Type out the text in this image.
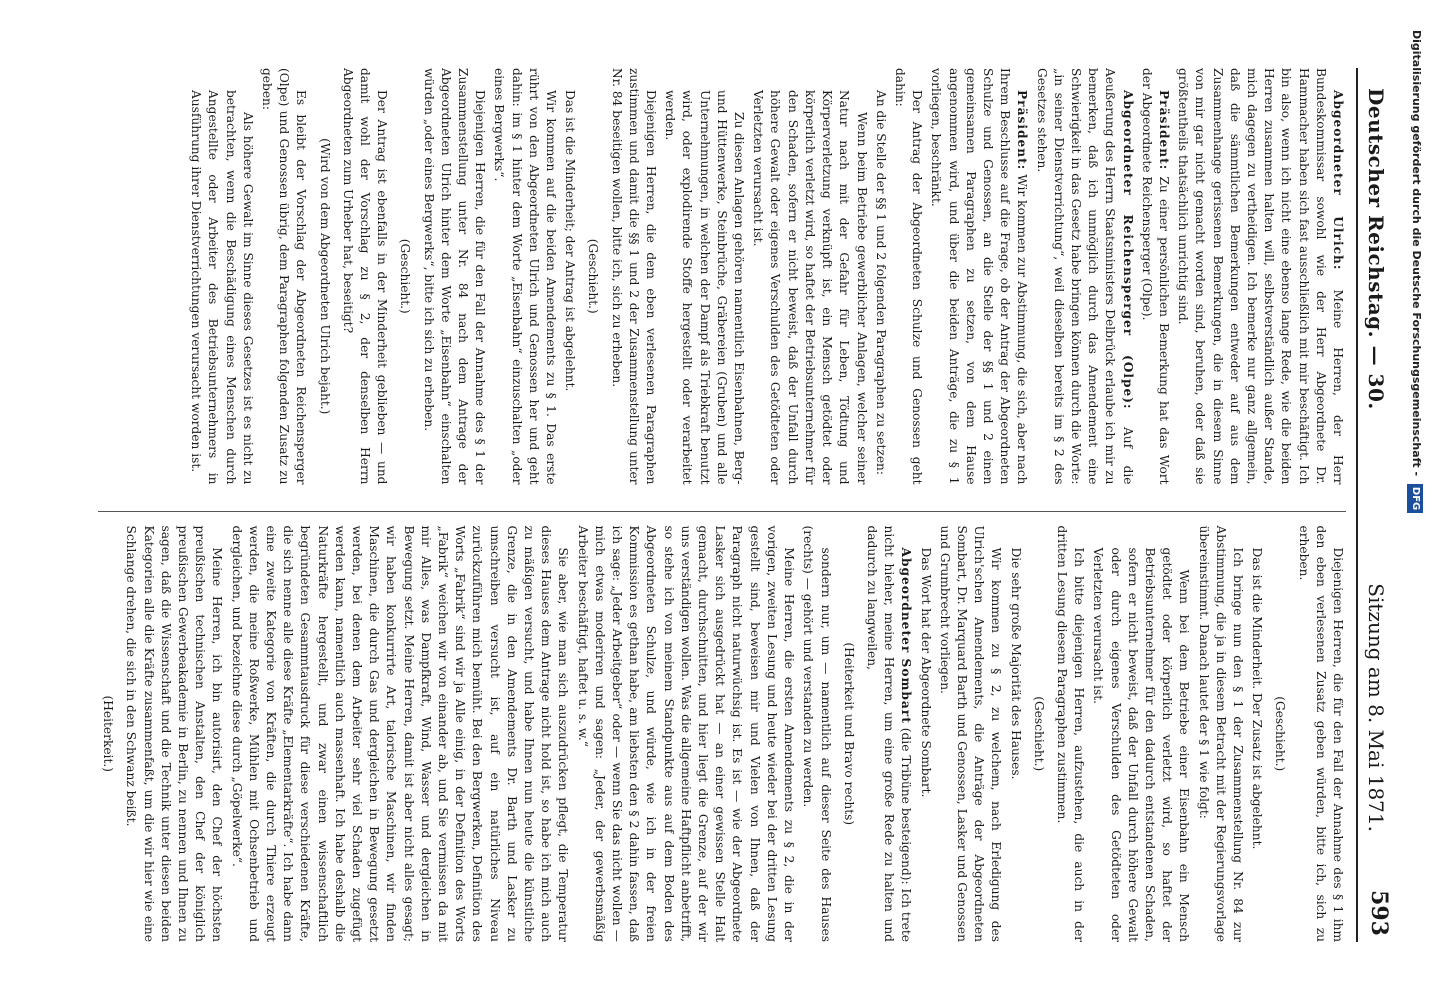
Deutscher Reichstag. — 30.
Sitzung am 8. Mai 1871.
593

Abgeordneter Ulrich: Meine Herren, der Herr Bundeskommissar sowohl wie der Herr Abgeordnete Dr. Hammacher haben sich fast ausschließlich mit mir beschäftigt. Ich bin also, wenn ich nicht eine ebenso lange Rede, wie die beiden Herren zusammen halten will, selbstverständlich außer Stande, mich dagegen zu vertheidigen. Ich bemerke nur ganz allgemein, daß die sämmtlichen Bemerkungen entweder auf aus dem Zusammenhange gerissenen Bemerkungen, die in diesem Sinne von mir gar nicht gemacht worden sind, beruhen, oder daß sie größtentheils thatsächlich unrichtig sind.

Präsident: Zu einer persönlichen Bemerkung hat das Wort der Abgeordnete Reichensperger (Olpe).

Abgeordneter Reichensperger (Olpe): Auf die Aeußerung des Herrn Staatsministers Delbrück erlaube ich mir zu bemerken, daß ich unmöglich durch das Amendement eine Schwierigkeit in das Gesetz habe bringen können durch die Worte: „in seiner Dienstverrichtung“, weil dieselben bereits im § 2 des Gesetzes stehen.

Präsident: Wir kommen zur Abstimmung, die sich, aber nach Ihrem Beschlusse auf die Frage, ob der Antrag der Abgeordneten Schulze und Genossen, an die Stelle der §§ 1 und 2 einen gemeinsamen Paragraphen zu setzen, von dem Hause angenommen wird, und über die beiden Anträge, die zu § 1 vorliegen, beschränkt.

Der Antrag der Abgeordneten Schulze und Genossen geht dahin:

An die Stelle der §§ 1 und 2 folgenden Paragraphen zu setzen:

Wenn beim Betriebe gewerblicher Anlagen, welcher seiner Natur nach mit der Gefahr für Leben, Tödtung und Körperverletzung verknüpft ist, ein Mensch getödtet oder körperlich verletzt wird, so haftet der Betriebsunternehmer für den Schaden, sofern er nicht beweist, daß der Unfall durch höhere Gewalt oder eigenes Verschulden des Getödteten oder Verletzten verursacht ist.

Zu diesen Anlagen gehören namentlich Eisenbahnen, Berg- und Hüttenwerke, Steinbrüche, Gräbereien (Gruben) und alle Unternehmungen, in welchen der Dampf als Triebkraft benutzt wird, oder explodirende Stoffe hergestellt oder verarbeitet werden.

Diejenigen Herren, die dem eben verlesenen Paragraphen zustimmen und damit die §§ 1 und 2 der Zusammenstellung unter Nr. 84 beseitigen wollen, bitte ich, sich zu erheben.

(Geschieht.)

Das ist die Minderheit; der Antrag ist abgelehnt.

Wir kommen auf die beiden Amendements zu § 1. Das erste rührt von den Abgeordneten Ulrich und Genossen her und geht dahin: im § 1 hinter dem Worte „Eisenbahn“ einzuschalten „oder eines Bergwerks“.

Diejenigen Herren, die für den Fall der Annahme des § 1 der Zusammenstellung unter Nr. 84 nach dem Antrage der Abgeordneten Ulrich hinter dem Worte „Eisenbahn“ einschalten würden „oder eines Bergwerks“, bitte ich sich zu erheben.

(Geschieht.)

Der Antrag ist ebenfalls in der Minderheit geblieben — und damit wohl der Vorschlag zu § 2, der denselben Herrn Abgeordneten zum Urheber hat, beseitigt?

(Wird von dem Abgeordneten Ulrich bejaht.)

Es bleibt der Vorschlag der Abgeordneten Reichensperger (Olpe) und Genossen übrig, dem Paragraphen folgenden Zusatz zu geben:

Als höhere Gewalt im Sinne dieses Gesetzes ist es nicht zu betrachten, wenn die Beschädigung eines Menschen durch Angestellte oder Arbeiter des Betriebsunternehmers in Ausführung ihrer Dienstverrichtungen verursacht worden ist.

Diejenigen Herren, die für den Fall der Annahme des § 1 ihm den eben verlesenen Zusatz geben würden, bitte ich, sich zu erheben.

(Geschieht.)

Das ist die Minderheit. Der Zusatz ist abgelehnt.

Ich bringe nun den § 1 der Zusammenstellung Nr. 84 zur Abstimmung, die ja in diesem Betracht mit der Regierungsvorlage übereinstimmt. Danach lautet der § 1 wie folgt:

Wenn bei dem Betriebe einer Eisenbahn ein Mensch getödtet oder körperlich verletzt wird, so haftet der Betriebsunternehmer für den dadurch entstandenen Schaden, sofern er nicht beweist, daß der Unfall durch höhere Gewalt oder durch eigenes Verschulden des Getödteten oder Verletzten verursacht ist.

Ich bitte diejenigen Herren, aufzustehen, die auch in der dritten Lesung diesem Paragraphen zustimmen.

(Geschieht.)

Die sehr große Majorität des Hauses.

Wir kommen zu § 2, zu welchem, nach Erledigung des Ulrich'schen Amendements, die Anträge der Abgeordneten Sombart, Dr. Marquard Barth und Genossen, Lasker und Genossen und Grumbrecht vorliegen.

Das Wort hat der Abgeordnete Sombart.

Abgeordneter Sombart (die Tribüne besteigend): Ich trete nicht hieher, meine Herren, um eine große Rede zu halten und dadurch zu langweilen,

(Heiterkeit und Bravo rechts)

sondern nur, um — namentlich auf dieser Seite des Hauses (rechts) — gehört und verstanden zu werden.

Meine Herren, die ersten Amendements zu § 2, die in der vorigen, zweiten Lesung und heute wieder bei der dritten Lesung gestellt sind, beweisen mir und Vielen von Ihnen, daß der Paragraph nicht naturwüchsig ist. Es ist — wie der Abgeordnete Lasker sich ausgedrückt hat — an einer gewissen Stelle Halt gemacht, durchschnitten, und hier liegt die Grenze, auf der wir uns verständigen wollen. Was die allgemeine Haftpflicht anbetrifft, so stehe ich von meinem Standpunkte aus auf dem Boden des Abgeordneten Schulze, und würde, wie ich in der freien Kommission es gethan habe, am liebsten den § 2 dahin fassen, daß ich sage: „Jeder Arbeitgeber“ oder — wenn Sie das nicht wollen — mich etwas moderiren und sagen: „Jeder, der gewerbsmäßig Arbeiter beschäftigt, haftet u. s. w.“

Sie aber, wie man sich auszudrücken pflegt, die Temperatur dieses Hauses dem Antrage nicht hold ist, so habe ich mich auch zu mäßigen versucht, und habe Ihnen nun heute die künstliche Grenze, die in den Amendements Dr. Barth und Lasker zu umschreiben versucht ist, auf ein natürliches Niveau zurückzuführen mich bemüht. Bei den Bergwerken, Definition des Worts „Fabrik“ sind wir ja Alle einig, in der Definition des Worts „Fabrik“ weichen wir von einander ab, und Sie vermissen da mit mir Alles, was Dampfkraft, Wind, Wasser und dergleichen in Bewegung setzt. Meine Herren, damit ist aber nicht alles gesagt; wir haben konkurrirte Art, talorische Maschinen, wir finden Maschinen, die durch Gas und dergleichen in Bewegung gesetzt werden, bei denen dem Arbeiter sehr viel Schaden zugefügt werden kann, namentlich auch massenhaft. Ich habe deshalb die Naturkräfte hergestellt, und zwar einen wissenschaftlich begründeten Gesammtausdruck für diese verschiedenen Kräfte, die sich nenne alle diese Kräfte „Elementarkräfte“. Ich habe dann eine zweite Kategorie von Kräften, die durch Thiere erzeugt werden, die meine Roßwerke, Mühlen mit Ochsenbetrieb und dergleichen, und bezeichne diese durch „Göpelwerke“.

Meine Herren, ich bin autorisirt, den Chef der höchsten preußischen technischen Anstalten, den Chef der königlich preußischen Gewerbeakademie in Berlin, zu nennen und Ihnen zu sagen, daß die Wissenschaft und die Technik unter diesen beiden Kategorien alle die Kräfte zusammenfaßt, um die wir hier wie eine Schlange drehen, die sich in den Schwanz beißt.

(Heiterkeit.)

Digitalisierung gefördert durch die Deutsche Forschungsgemeinschaft - DFG
